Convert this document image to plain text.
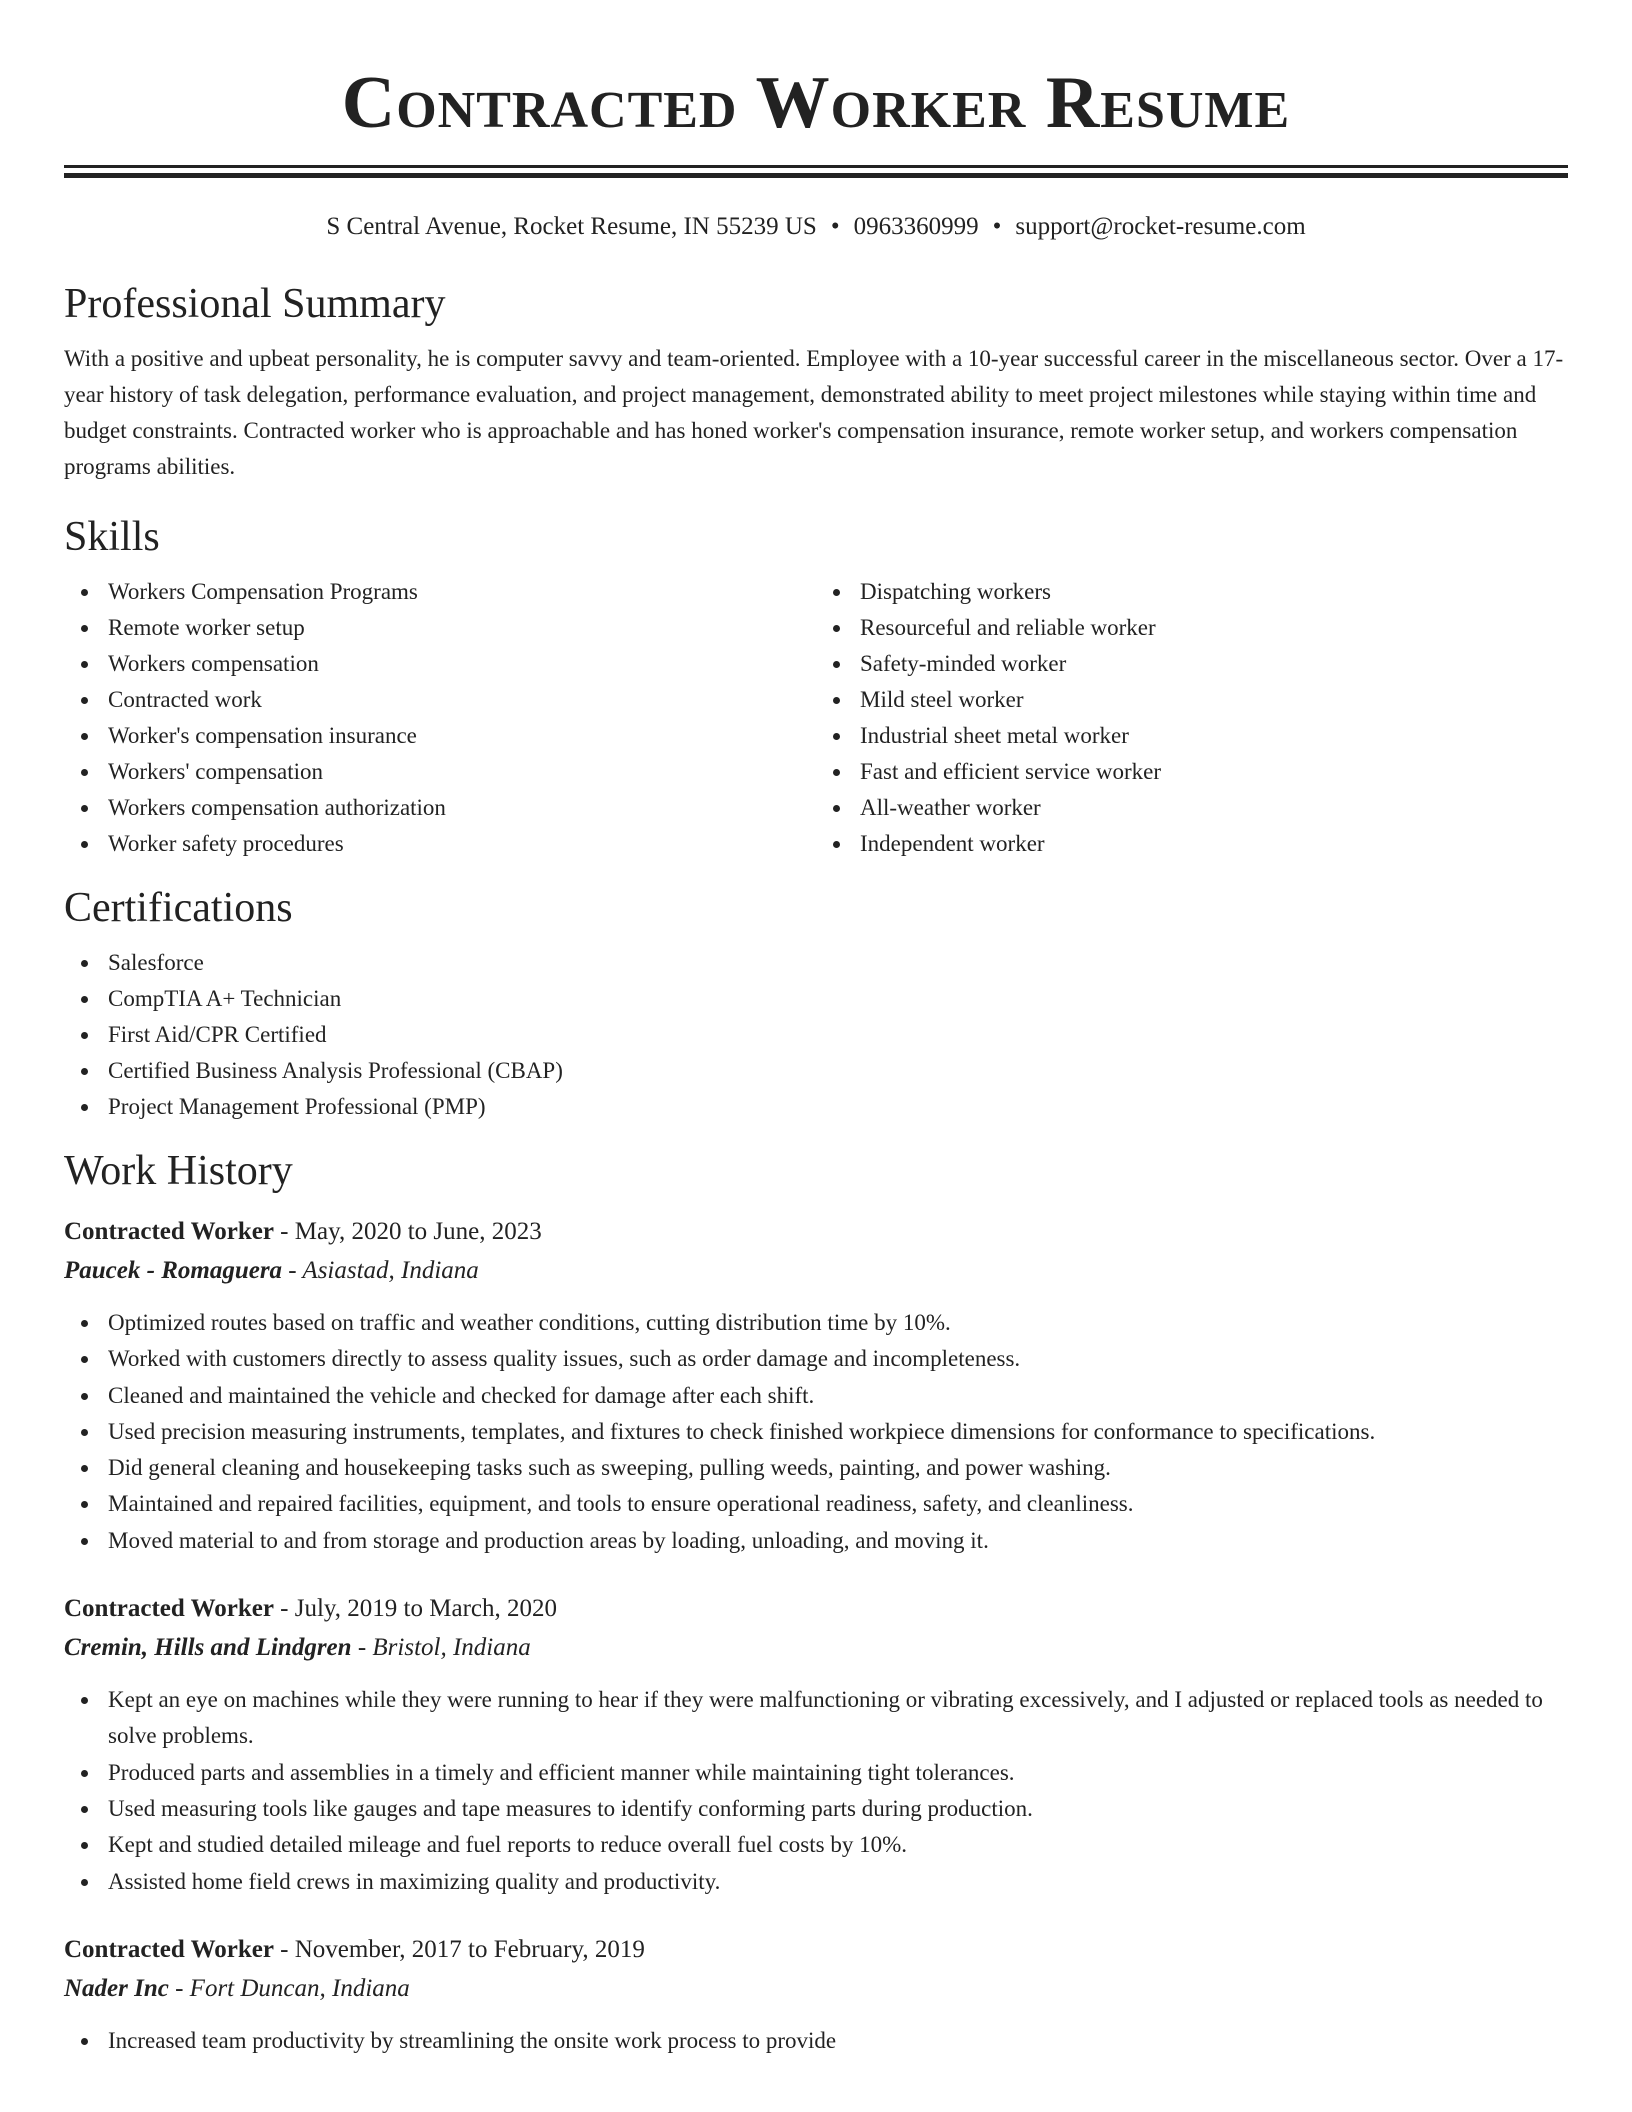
Contracted Worker Resume
S Central Avenue, Rocket Resume, IN 55239 US • 0963360999 • support@rocket-resume.com
Professional Summary
With a positive and upbeat personality, he is computer savvy and team-oriented. Employee with a 10-year successful career in the miscellaneous sector. Over a 17-year history of task delegation, performance evaluation, and project management, demonstrated ability to meet project milestones while staying within time and budget constraints. Contracted worker who is approachable and has honed worker's compensation insurance, remote worker setup, and workers compensation programs abilities.
Skills
Workers Compensation Programs
Remote worker setup
Workers compensation
Contracted work
Worker's compensation insurance
Workers' compensation
Workers compensation authorization
Worker safety procedures
Dispatching workers
Resourceful and reliable worker
Safety-minded worker
Mild steel worker
Industrial sheet metal worker
Fast and efficient service worker
All-weather worker
Independent worker
Certifications
Salesforce
CompTIA A+ Technician
First Aid/CPR Certified
Certified Business Analysis Professional (CBAP)
Project Management Professional (PMP)
Work History
Contracted Worker - May, 2020 to June, 2023
Paucek - Romaguera - Asiastad, Indiana
Optimized routes based on traffic and weather conditions, cutting distribution time by 10%.
Worked with customers directly to assess quality issues, such as order damage and incompleteness.
Cleaned and maintained the vehicle and checked for damage after each shift.
Used precision measuring instruments, templates, and fixtures to check finished workpiece dimensions for conformance to specifications.
Did general cleaning and housekeeping tasks such as sweeping, pulling weeds, painting, and power washing.
Maintained and repaired facilities, equipment, and tools to ensure operational readiness, safety, and cleanliness.
Moved material to and from storage and production areas by loading, unloading, and moving it.
Contracted Worker - July, 2019 to March, 2020
Cremin, Hills and Lindgren - Bristol, Indiana
Kept an eye on machines while they were running to hear if they were malfunctioning or vibrating excessively, and I adjusted or replaced tools as needed to solve problems.
Produced parts and assemblies in a timely and efficient manner while maintaining tight tolerances.
Used measuring tools like gauges and tape measures to identify conforming parts during production.
Kept and studied detailed mileage and fuel reports to reduce overall fuel costs by 10%.
Assisted home field crews in maximizing quality and productivity.
Contracted Worker - November, 2017 to February, 2019
Nader Inc - Fort Duncan, Indiana
Increased team productivity by streamlining the onsite work process to provide
